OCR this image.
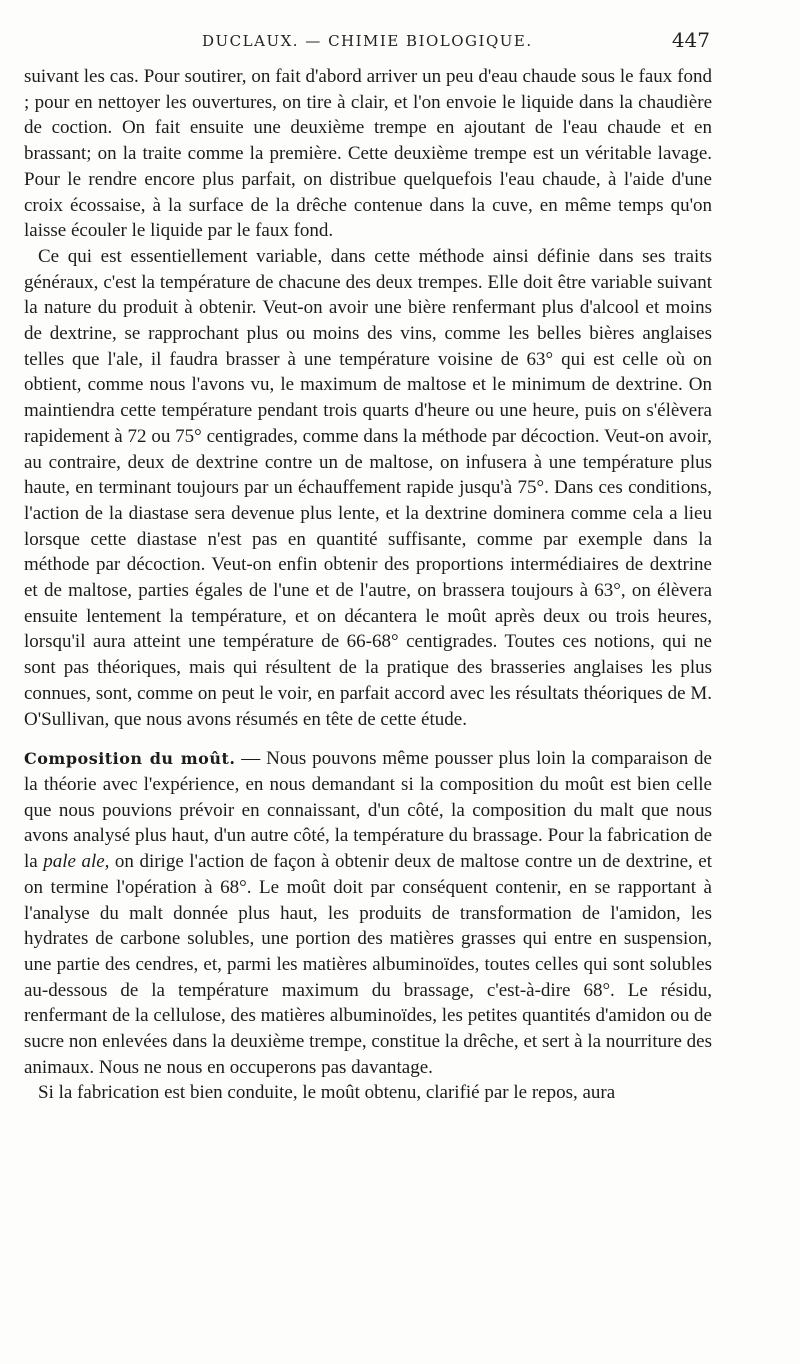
DUCLAUX. — CHIMIE BIOLOGIQUE.	447

suivant les cas. Pour soutirer, on fait d'abord arriver un peu d'eau chaude sous le faux fond ; pour en nettoyer les ouvertures, on tire à clair, et l'on envoie le liquide dans la chaudière de coction. On fait ensuite une deuxième trempe en ajoutant de l'eau chaude et en brassant; on la traite comme la première. Cette deuxième trempe est un véritable lavage. Pour le rendre encore plus parfait, on distribue quelquefois l'eau chaude, à l'aide d'une croix écossaise, à la surface de la drêche contenue dans la cuve, en même temps qu'on laisse écouler le liquide par le faux fond.

Ce qui est essentiellement variable, dans cette méthode ainsi définie dans ses traits généraux, c'est la température de chacune des deux trempes. Elle doit être variable suivant la nature du produit à obtenir. Veut-on avoir une bière renfermant plus d'alcool et moins de dextrine, se rapprochant plus ou moins des vins, comme les belles bières anglaises telles que l'ale, il faudra brasser à une température voisine de 63° qui est celle où on obtient, comme nous l'avons vu, le maximum de maltose et le minimum de dextrine. On maintiendra cette température pendant trois quarts d'heure ou une heure, puis on s'élèvera rapidement à 72 ou 75° centigrades, comme dans la méthode par décoction. Veut-on avoir, au contraire, deux de dextrine contre un de maltose, on infusera à une température plus haute, en terminant toujours par un échauffement rapide jusqu'à 75°. Dans ces conditions, l'action de la diastase sera devenue plus lente, et la dextrine dominera comme cela a lieu lorsque cette diastase n'est pas en quantité suffisante, comme par exemple dans la méthode par décoction. Veut-on enfin obtenir des proportions intermédiaires de dextrine et de maltose, parties égales de l'une et de l'autre, on brassera toujours à 63°, on élèvera ensuite lentement la température, et on décantera le moût après deux ou trois heures, lorsqu'il aura atteint une température de 66-68° centigrades. Toutes ces notions, qui ne sont pas théoriques, mais qui résultent de la pratique des brasseries anglaises les plus connues, sont, comme on peut le voir, en parfait accord avec les résultats théoriques de M. O'Sullivan, que nous avons résumés en tête de cette étude.

Composition du moût. — Nous pouvons même pousser plus loin la comparaison de la théorie avec l'expérience, en nous demandant si la composition du moût est bien celle que nous pouvions prévoir en connaissant, d'un côté, la composition du malt que nous avons analysé plus haut, d'un autre côté, la température du brassage. Pour la fabrication de la pale ale, on dirige l'action de façon à obtenir deux de maltose contre un de dextrine, et on termine l'opération à 68°. Le moût doit par conséquent contenir, en se rapportant à l'analyse du malt donnée plus haut, les produits de transformation de l'amidon, les hydrates de carbone solubles, une portion des matières grasses qui entre en suspension, une partie des cendres, et, parmi les matières albuminoïdes, toutes celles qui sont solubles au-dessous de la température maximum du brassage, c'est-à-dire 68°. Le résidu, renfermant de la cellulose, des matières albuminoïdes, les petites quantités d'amidon ou de sucre non enlevées dans la deuxième trempe, constitue la drêche, et sert à la nourriture des animaux. Nous ne nous en occuperons pas davantage.

Si la fabrication est bien conduite, le moût obtenu, clarifié par le repos, aura
